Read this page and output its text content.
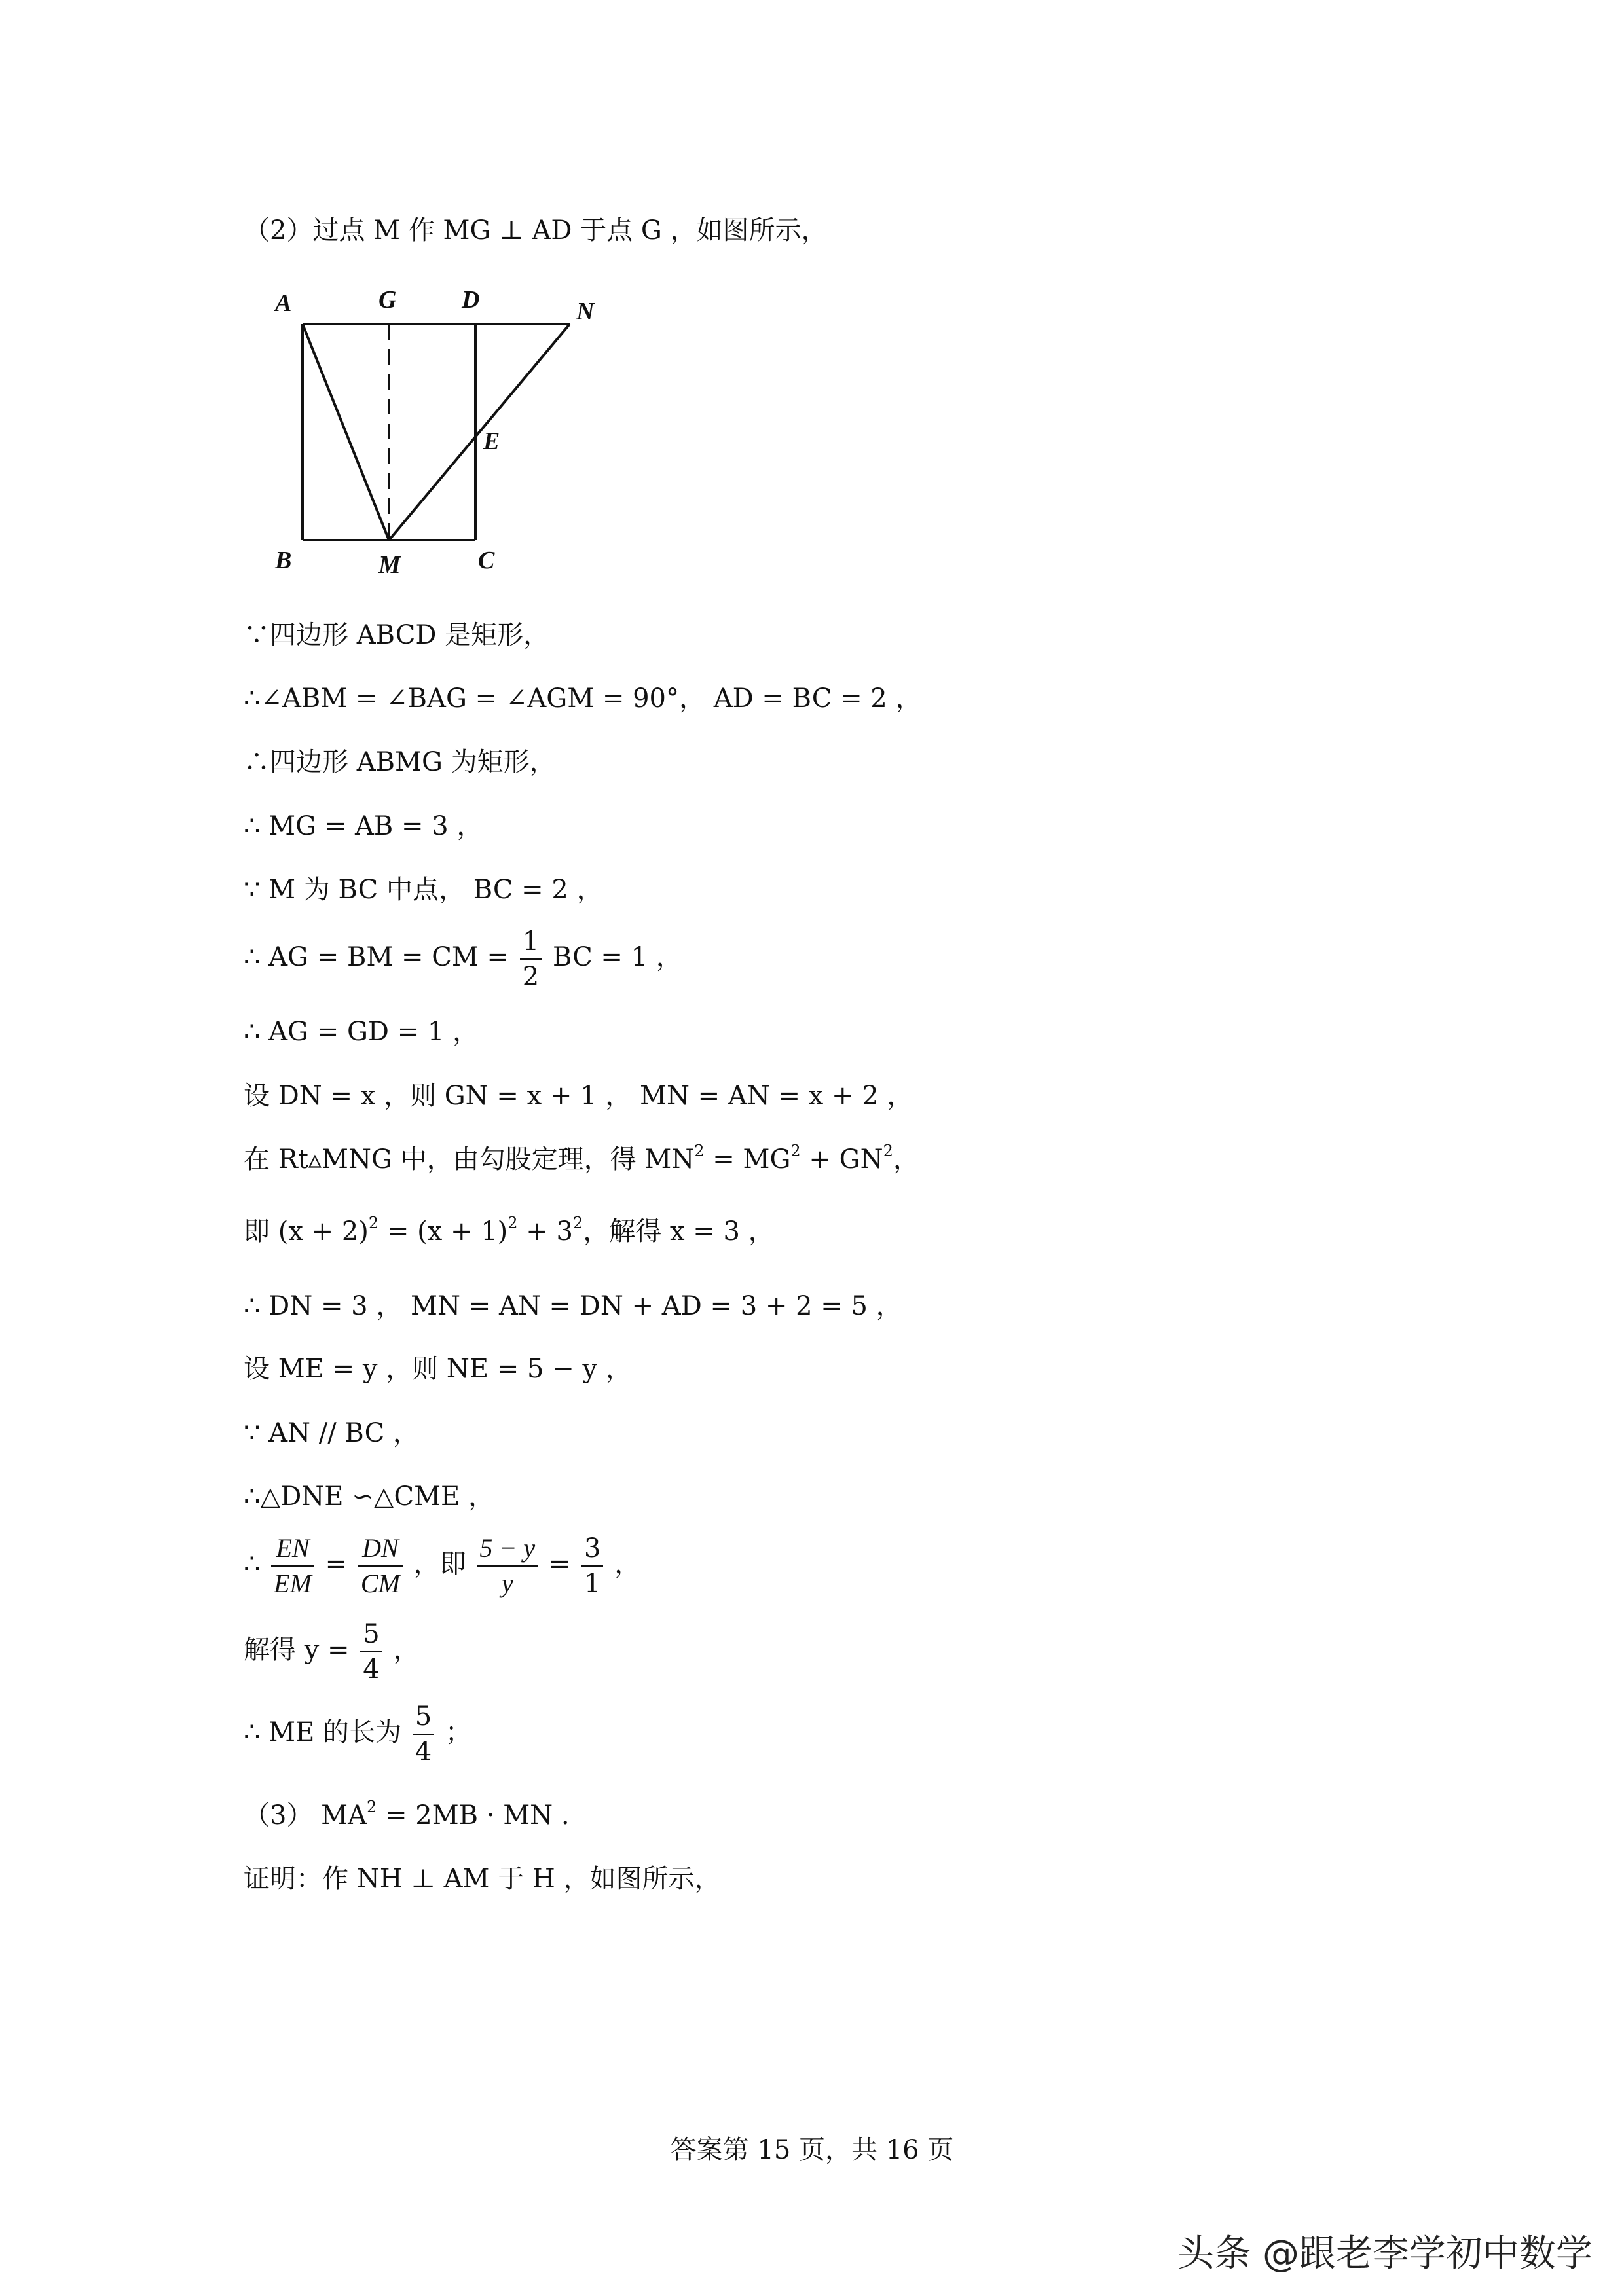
（2）过点 M 作 MG ⊥ AD 于点 G ，如图所示，
A	G	D	N
E
B	M	C
∵四边形 ABCD 是矩形，
∴∠ABM = ∠BAG = ∠AGM = 90°， AD = BC = 2 ，
∴四边形 ABMG 为矩形，
∴ MG = AB = 3 ，
∵ M 为 BC 中点， BC = 2 ，
∴ AG = BM = CM = $\frac{1}{2}$ BC = 1 ，
∴ AG = GD = 1 ，
设 DN = x ，则 GN = x + 1 ， MN = AN = x + 2 ，
在 Rt▵MNG 中，由勾股定理，得 $MN^2 = MG^2 + GN^2$，
即 $(x + 2)^2 = (x + 1)^2 + 3^2$，解得 x = 3 ，
∴ DN = 3 ， MN = AN = DN + AD = 3 + 2 = 5 ，
设 ME = y ，则 NE = 5 − y ，
∵ AN // BC ，
∴△DNE ∽△CME ，
∴ $\frac{EN}{EM} = \frac{DN}{CM}$ ，即 $\frac{5 - y}{y} = \frac{3}{1}$ ，
解得 $y = \frac{5}{4}$ ，
∴ ME 的长为 $\frac{5}{4}$ ；
（3） $MA^2 = 2MB$ · MN .
证明：作 NH ⊥ AM 于 H ，如图所示，
答案第 15 页，共 16 页
头条 @跟老李学初中数学
